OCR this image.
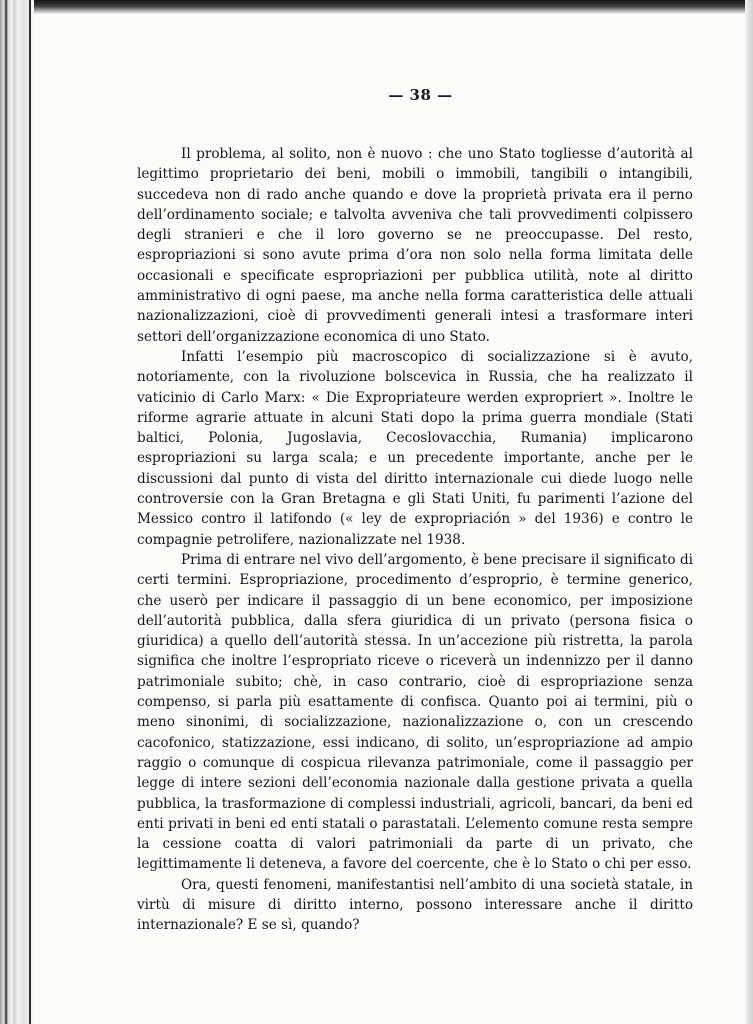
— 38 —

Il problema, al solito, non è nuovo : che uno Stato togliesse d’autorità al legittimo proprietario dei beni, mobili o immobili, tangibili o intangibili, succedeva non di rado anche quando e dove la proprietà privata era il perno dell’ordinamento sociale; e talvolta avveniva che tali provvedimenti colpissero degli stranieri e che il loro governo se ne preoccupasse. Del resto, espropriazioni si sono avute prima d’ora non solo nella forma limitata delle occasionali e specificate espropriazioni per pubblica utilità, note al diritto amministrativo di ogni paese, ma anche nella forma caratteristica delle attuali nazionalizzazioni, cioè di provvedimenti generali intesi a trasformare interi settori dell’organizzazione economica di uno Stato.

Infatti l’esempio più macroscopico di socializzazione si è avuto, notoriamente, con la rivoluzione bolscevica in Russia, che ha realizzato il vaticinio di Carlo Marx: « Die Expropriateure werden expropriert ». Inoltre le riforme agrarie attuate in alcuni Stati dopo la prima guerra mondiale (Stati baltici, Polonia, Jugoslavia, Cecoslovacchia, Rumania) implicarono espropriazioni su larga scala; e un precedente importante, anche per le discussioni dal punto di vista del diritto internazionale cui diede luogo nelle controversie con la Gran Bretagna e gli Stati Uniti, fu parimenti l’azione del Messico contro il latifondo (« ley de expropriación » del 1936) e contro le compagnie petrolifere, nazionalizzate nel 1938.

Prima di entrare nel vivo dell’argomento, è bene precisare il significato di certi termini. Espropriazione, procedimento d’esproprio, è termine generico, che userò per indicare il passaggio di un bene economico, per imposizione dell’autorità pubblica, dalla sfera giuridica di un privato (persona fisica o giuridica) a quello dell’autorità stessa. In un’accezione più ristretta, la parola significa che inoltre l’espropriato riceve o riceverà un indennizzo per il danno patrimoniale subito; chè, in caso contrario, cioè di espropriazione senza compenso, si parla più esattamente di confisca. Quanto poi ai termini, più o meno sinonimi, di socializzazione, nazionalizzazione o, con un crescendo cacofonico, statizzazione, essi indicano, di solito, un’espropriazione ad ampio raggio o comunque di cospicua rilevanza patrimoniale, come il passaggio per legge di intere sezioni dell’economia nazionale dalla gestione privata a quella pubblica, la trasformazione di complessi industriali, agricoli, bancari, da beni ed enti privati in beni ed enti statali o parastatali. L’elemento comune resta sempre la cessione coatta di valori patrimoniali da parte di un privato, che legittimamente li deteneva, a favore del coercente, che è lo Stato o chi per esso.

Ora, questi fenomeni, manifestantisi nell’ambito di una società statale, in virtù di misure di diritto interno, possono interessare anche il diritto internazionale? E se sì, quando?
